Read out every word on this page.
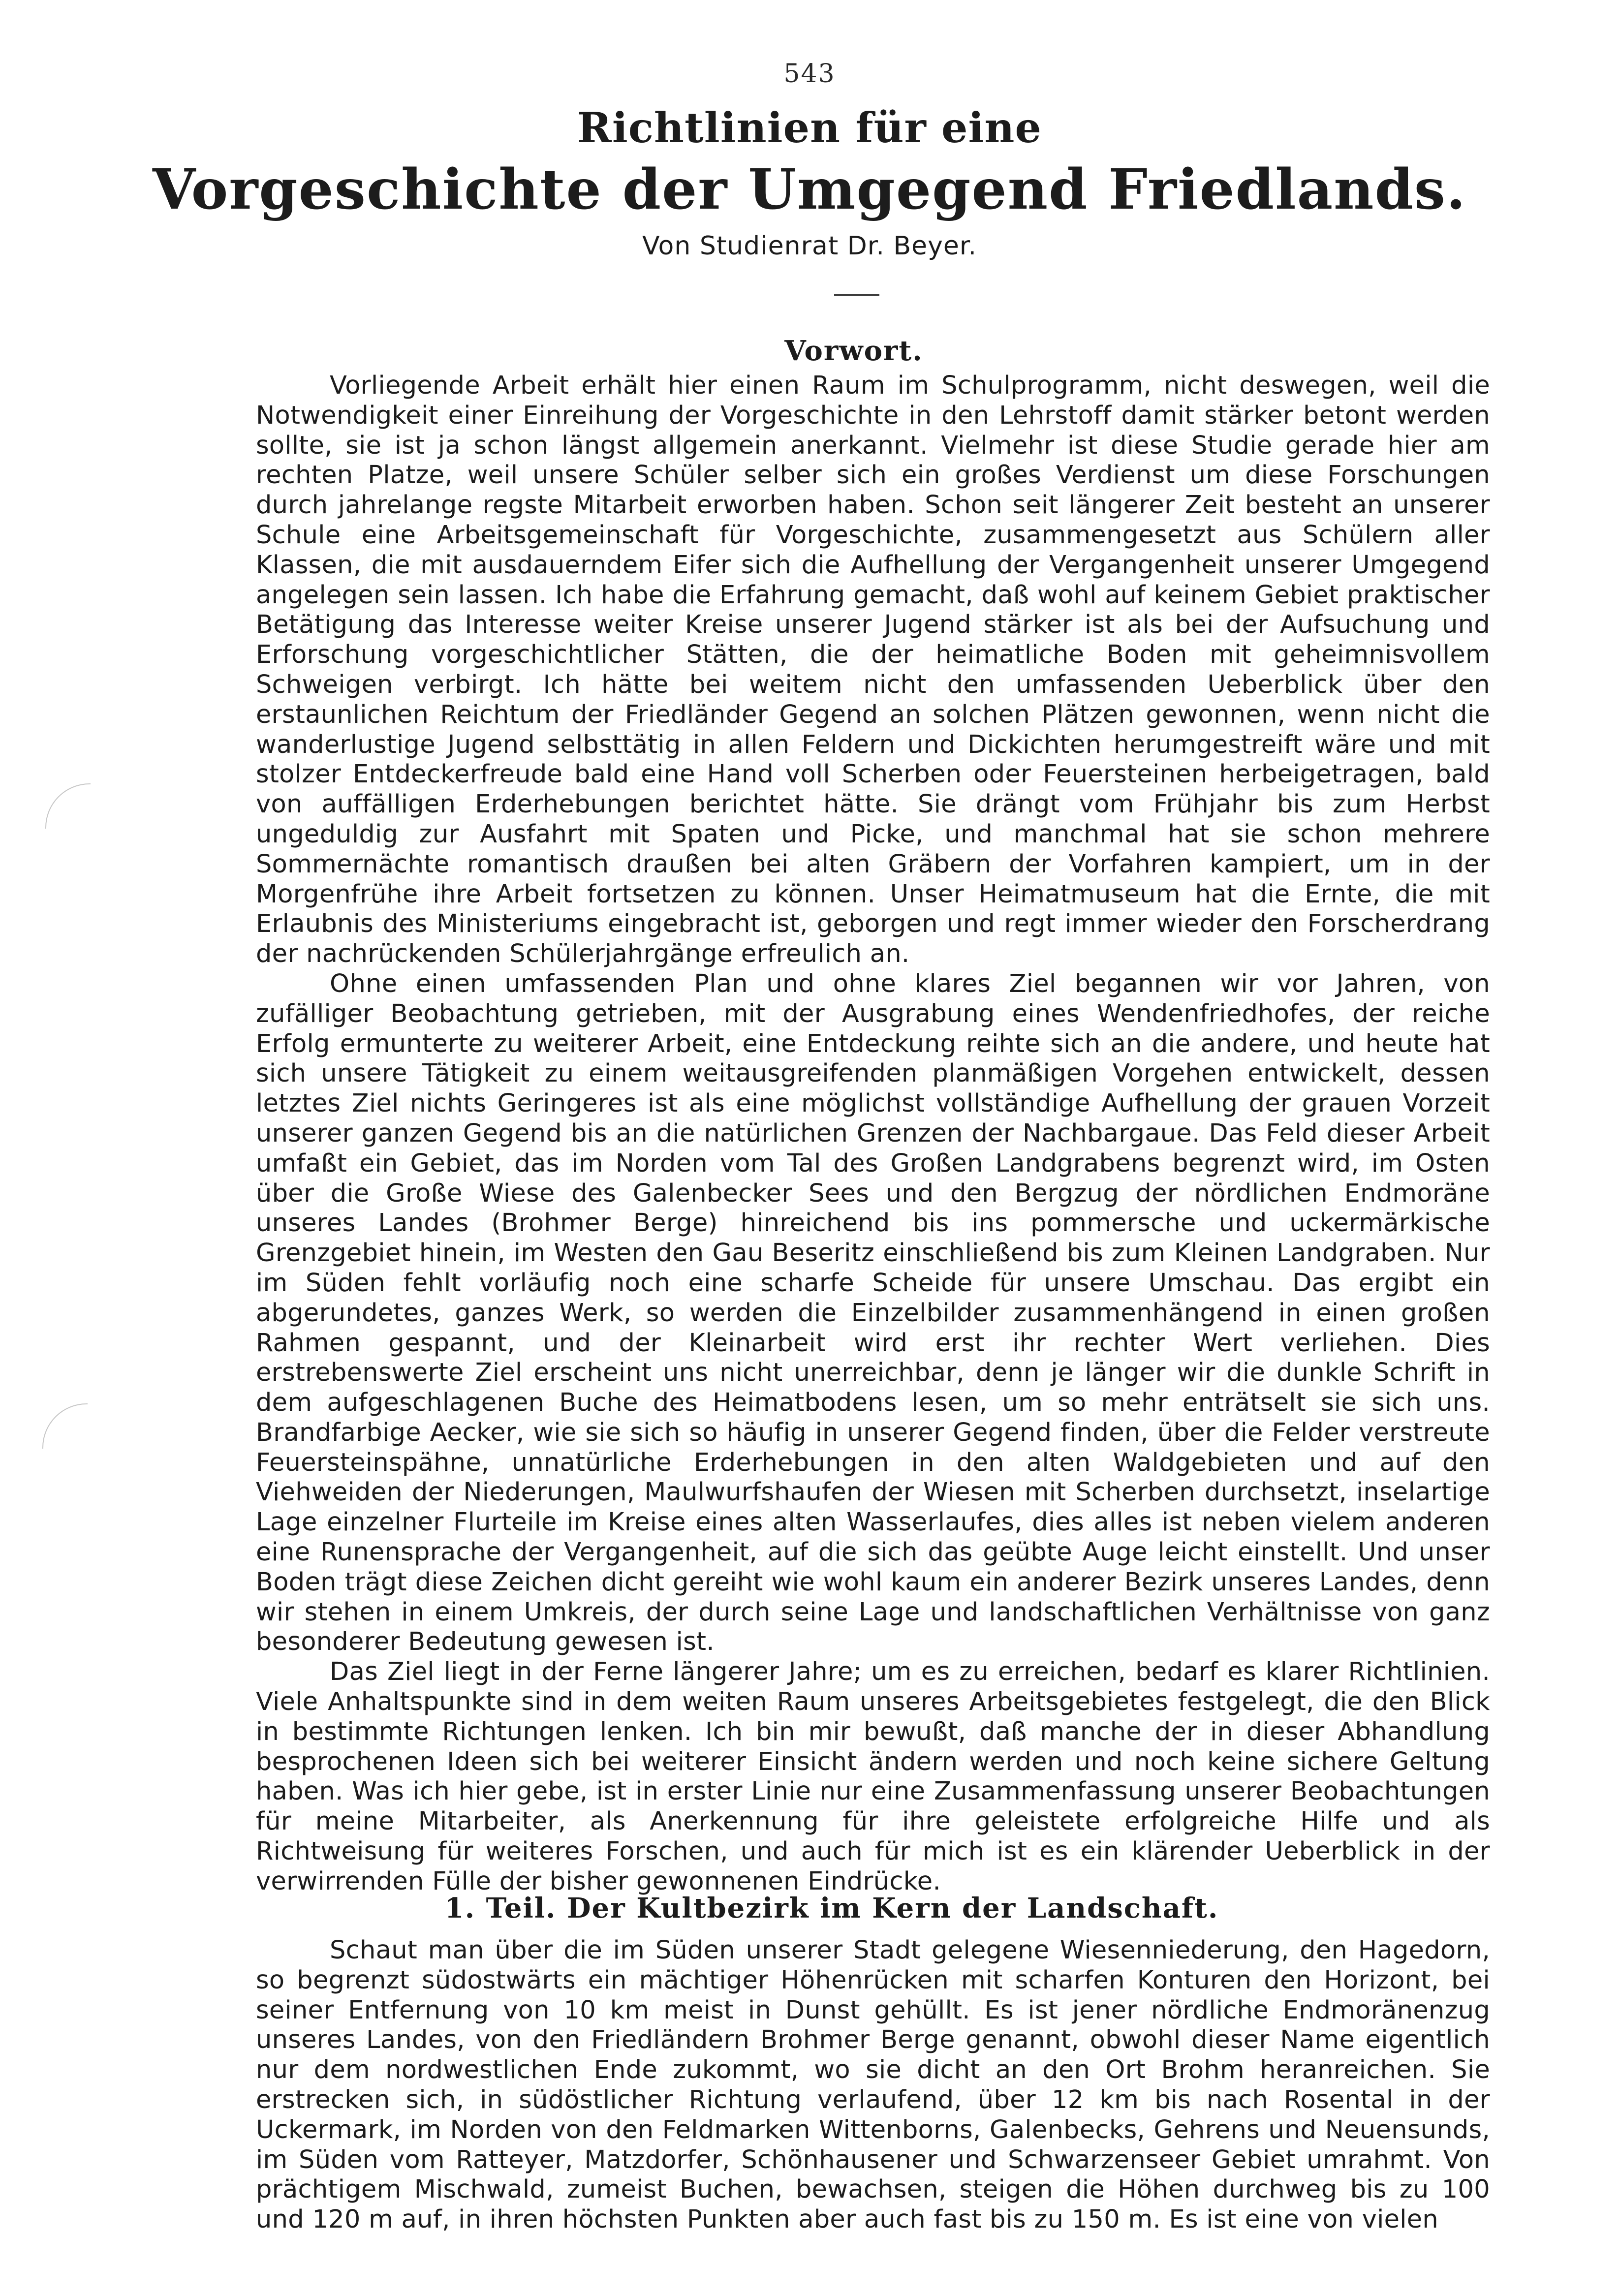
543
Richtlinien für eine
Vorgeschichte der Umgegend Friedlands.
Von Studienrat Dr. Beyer.
Vorwort.

Vorliegende Arbeit erhält hier einen Raum im Schulprogramm, nicht deswegen, weil die Notwendigkeit einer Einreihung der Vorgeschichte in den Lehrstoff damit stärker betont werden sollte, sie ist ja schon längst allgemein anerkannt. Vielmehr ist diese Studie gerade hier am rechten Platze, weil unsere Schüler selber sich ein großes Verdienst um diese Forschungen durch jahrelange regste Mitarbeit erworben haben. Schon seit längerer Zeit besteht an unserer Schule eine Arbeitsgemeinschaft für Vorgeschichte, zusammengesetzt aus Schülern aller Klassen, die mit ausdauerndem Eifer sich die Aufhellung der Vergangenheit unserer Umgegend angelegen sein lassen. Ich habe die Erfahrung gemacht, daß wohl auf keinem Gebiet praktischer Betätigung das Interesse weiter Kreise unserer Jugend stärker ist als bei der Aufsuchung und Erforschung vorgeschichtlicher Stätten, die der heimatliche Boden mit geheimnisvollem Schweigen verbirgt. Ich hätte bei weitem nicht den umfassenden Ueberblick über den erstaunlichen Reichtum der Friedländer Gegend an solchen Plätzen gewonnen, wenn nicht die wanderlustige Jugend selbsttätig in allen Feldern und Dickichten herumgestreift wäre und mit stolzer Entdeckerfreude bald eine Hand voll Scherben oder Feuersteinen herbeigetragen, bald von auffälligen Erderhebungen berichtet hätte. Sie drängt vom Frühjahr bis zum Herbst ungeduldig zur Ausfahrt mit Spaten und Picke, und manchmal hat sie schon mehrere Sommernächte romantisch draußen bei alten Gräbern der Vorfahren kampiert, um in der Morgenfrühe ihre Arbeit fortsetzen zu können. Unser Heimatmuseum hat die Ernte, die mit Erlaubnis des Ministeriums eingebracht ist, geborgen und regt immer wieder den Forscherdrang der nachrückenden Schülerjahrgänge erfreulich an.

Ohne einen umfassenden Plan und ohne klares Ziel begannen wir vor Jahren, von zufälliger Beobachtung getrieben, mit der Ausgrabung eines Wendenfriedhofes, der reiche Erfolg ermunterte zu weiterer Arbeit, eine Entdeckung reihte sich an die andere, und heute hat sich unsere Tätigkeit zu einem weitausgreifenden planmäßigen Vorgehen entwickelt, dessen letztes Ziel nichts Geringeres ist als eine möglichst vollständige Aufhellung der grauen Vorzeit unserer ganzen Gegend bis an die natürlichen Grenzen der Nachbargaue. Das Feld dieser Arbeit umfaßt ein Gebiet, das im Norden vom Tal des Großen Landgrabens begrenzt wird, im Osten über die Große Wiese des Galenbecker Sees und den Bergzug der nördlichen Endmoräne unseres Landes (Brohmer Berge) hinreichend bis ins pommersche und uckermärkische Grenzgebiet hinein, im Westen den Gau Beseritz einschließend bis zum Kleinen Landgraben. Nur im Süden fehlt vorläufig noch eine scharfe Scheide für unsere Umschau. Das ergibt ein abgerundetes, ganzes Werk, so werden die Einzelbilder zusammenhängend in einen großen Rahmen gespannt, und der Kleinarbeit wird erst ihr rechter Wert verliehen. Dies erstrebenswerte Ziel erscheint uns nicht unerreichbar, denn je länger wir die dunkle Schrift in dem aufgeschlagenen Buche des Heimatbodens lesen, um so mehr enträtselt sie sich uns. Brandfarbige Aecker, wie sie sich so häufig in unserer Gegend finden, über die Felder verstreute Feuersteinspähne, unnatürliche Erderhebungen in den alten Waldgebieten und auf den Viehweiden der Niederungen, Maulwurfshaufen der Wiesen mit Scherben durchsetzt, inselartige Lage einzelner Flurteile im Kreise eines alten Wasserlaufes, dies alles ist neben vielem anderen eine Runensprache der Vergangenheit, auf die sich das geübte Auge leicht einstellt. Und unser Boden trägt diese Zeichen dicht gereiht wie wohl kaum ein anderer Bezirk unseres Landes, denn wir stehen in einem Umkreis, der durch seine Lage und landschaftlichen Verhältnisse von ganz besonderer Bedeutung gewesen ist.

Das Ziel liegt in der Ferne längerer Jahre; um es zu erreichen, bedarf es klarer Richtlinien. Viele Anhaltspunkte sind in dem weiten Raum unseres Arbeitsgebietes festgelegt, die den Blick in bestimmte Richtungen lenken. Ich bin mir bewußt, daß manche der in dieser Abhandlung besprochenen Ideen sich bei weiterer Einsicht ändern werden und noch keine sichere Geltung haben. Was ich hier gebe, ist in erster Linie nur eine Zusammenfassung unserer Beobachtungen für meine Mitarbeiter, als Anerkennung für ihre geleistete erfolgreiche Hilfe und als Richtweisung für weiteres Forschen, und auch für mich ist es ein klärender Ueberblick in der verwirrenden Fülle der bisher gewonnenen Eindrücke.

1. Teil. Der Kultbezirk im Kern der Landschaft.

Schaut man über die im Süden unserer Stadt gelegene Wiesenniederung, den Hagedorn, so begrenzt südostwärts ein mächtiger Höhenrücken mit scharfen Konturen den Horizont, bei seiner Entfernung von 10 km meist in Dunst gehüllt. Es ist jener nördliche Endmoränenzug unseres Landes, von den Friedländern Brohmer Berge genannt, obwohl dieser Name eigentlich nur dem nordwestlichen Ende zukommt, wo sie dicht an den Ort Brohm heranreichen. Sie erstrecken sich, in südöstlicher Richtung verlaufend, über 12 km bis nach Rosental in der Uckermark, im Norden von den Feldmarken Wittenborns, Galenbecks, Gehrens und Neuensunds, im Süden vom Ratteyer, Matzdorfer, Schönhausener und Schwarzenseer Gebiet umrahmt. Von prächtigem Mischwald, zumeist Buchen, bewachsen, steigen die Höhen durchweg bis zu 100 und 120 m auf, in ihren höchsten Punkten aber auch fast bis zu 150 m. Es ist eine von vielen
